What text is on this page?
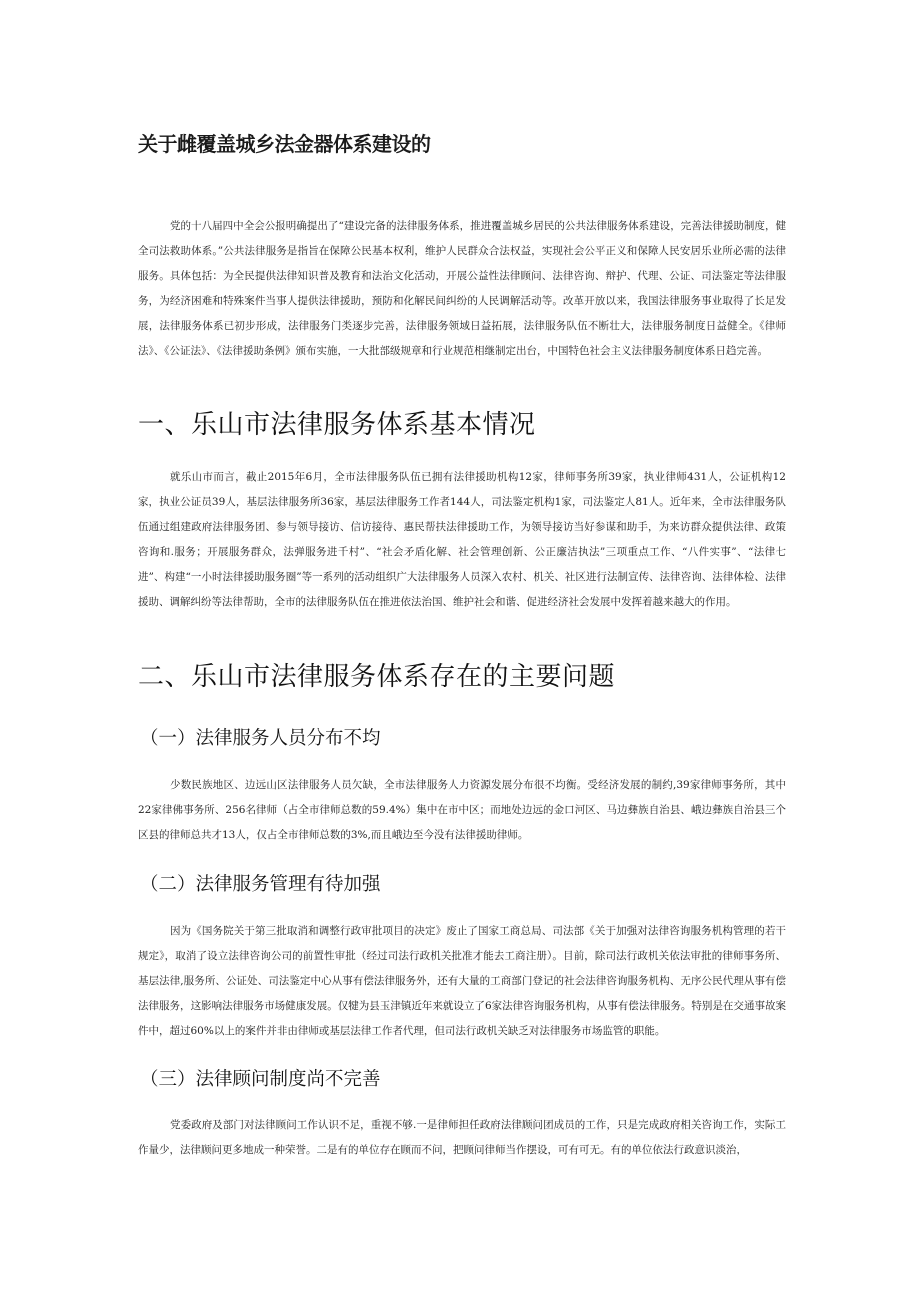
关于雌覆盖城乡法金器体系建设的

党的十八届四中全会公报明确提出了“建设完备的法律服务体系，推进覆盖城乡居民的公共法律服务体系建设，完善法律援助制度，健全司法救助体系。”公共法律服务是指旨在保障公民基本权利，维护人民群众合法权益，实现社会公平正义和保障人民安居乐业所必需的法律服务。具体包括：为全民提供法律知识普及教育和法治文化活动，开展公益性法律顾问、法律咨询、辩护、代理、公证、司法鉴定等法律服务，为经济困难和特殊案件当事人提供法律援助，预防和化解民间纠纷的人民调解活动等。改革开放以来，我国法律服务事业取得了长足发展，法律服务体系已初步形成，法律服务门类逐步完善，法律服务领域日益拓展，法律服务队伍不断壮大，法律服务制度日益健全。《律师法》、《公证法》、《法律援助条例》颁布实施，一大批部级规章和行业规范相继制定出台，中国特色社会主义法律服务制度体系日趋完善。

一、乐山市法律服务体系基本情况

就乐山市而言，截止2015年6月，全市法律服务队伍已拥有法律援助机构12家，律师事务所39家，执业律师431人，公证机构12家，执业公证员39人，基层法律服务所36家，基层法律服务工作者144人，司法鉴定机构1家，司法鉴定人81人。近年来，全市法律服务队伍通过组建政府法律服务团、参与领导接访、信访接待、惠民帮扶法律援助工作，为领导接访当好参谋和助手，为来访群众提供法律、政策咨询和.服务；开展服务群众，法弹服务进千村”、“社会矛盾化解、社会管理创新、公正廉洁执法”三项重点工作、“八件实事”、“法律七进”、构建“一小时法律援助服务圈”等一系列的活动组织广大法律服务人员深入农村、机关、社区进行法制宣传、法律咨询、法律体检、法律援助、调解纠纷等法律帮助，全市的法律服务队伍在推进依法治国、维护社会和谐、促进经济社会发展中发挥着越来越大的作用。

二、乐山市法律服务体系存在的主要问题
（一）法律服务人员分布不均

少数民族地区、边远山区法律服务人员欠缺，全市法律服务人力资源发展分布很不均衡。受经济发展的制约,39家律师事务所，其中22家律佛事务所、256名律师（占全市律师总数的59.4%）集中在市中区；而地处边远的金口河区、马边彝族自治县、峨边彝族自治县三个区县的律师总共才13人，仅占全市律师总数的3%,而且峨边至今没有法律援助律师。

（二）法律服务管理有待加强

因为《国务院关于第三批取消和调整行政审批项目的决定》废止了国家工商总局、司法部《关于加强对法律咨询服务机构管理的若干规定》，取消了设立法律咨询公司的前置性审批（经过司法行政机关批准才能去工商注册）。目前，除司法行政机关依法审批的律师事务所、基层法律,服务所、公证处、司法鉴定中心从事有偿法律服务外，还有大量的工商部门登记的社会法律咨询服务机构、无序公民代理从事有偿法律服务，这影响法律服务市场健康发展。仅犍为县玉津镇近年来就设立了6家法律咨询服务机构，从事有偿法律服务。特别是在交通事故案件中，超过60%以上的案件并非由律师或基层法律工作者代理，但司法行政机关缺乏对法律服务市场监管的职能。

（三）法律顾问制度尚不完善

党委政府及部门对法律顾问工作认识不足，重视不够.一是律师担任政府法律顾问团成员的工作，只是完成政府相关咨询工作，实际工作量少，法律顾问更多地成一种荣誉。二是有的单位存在顾而不问，把顾问律师当作摆设，可有可无。有的单位依法行政意识淡治，
